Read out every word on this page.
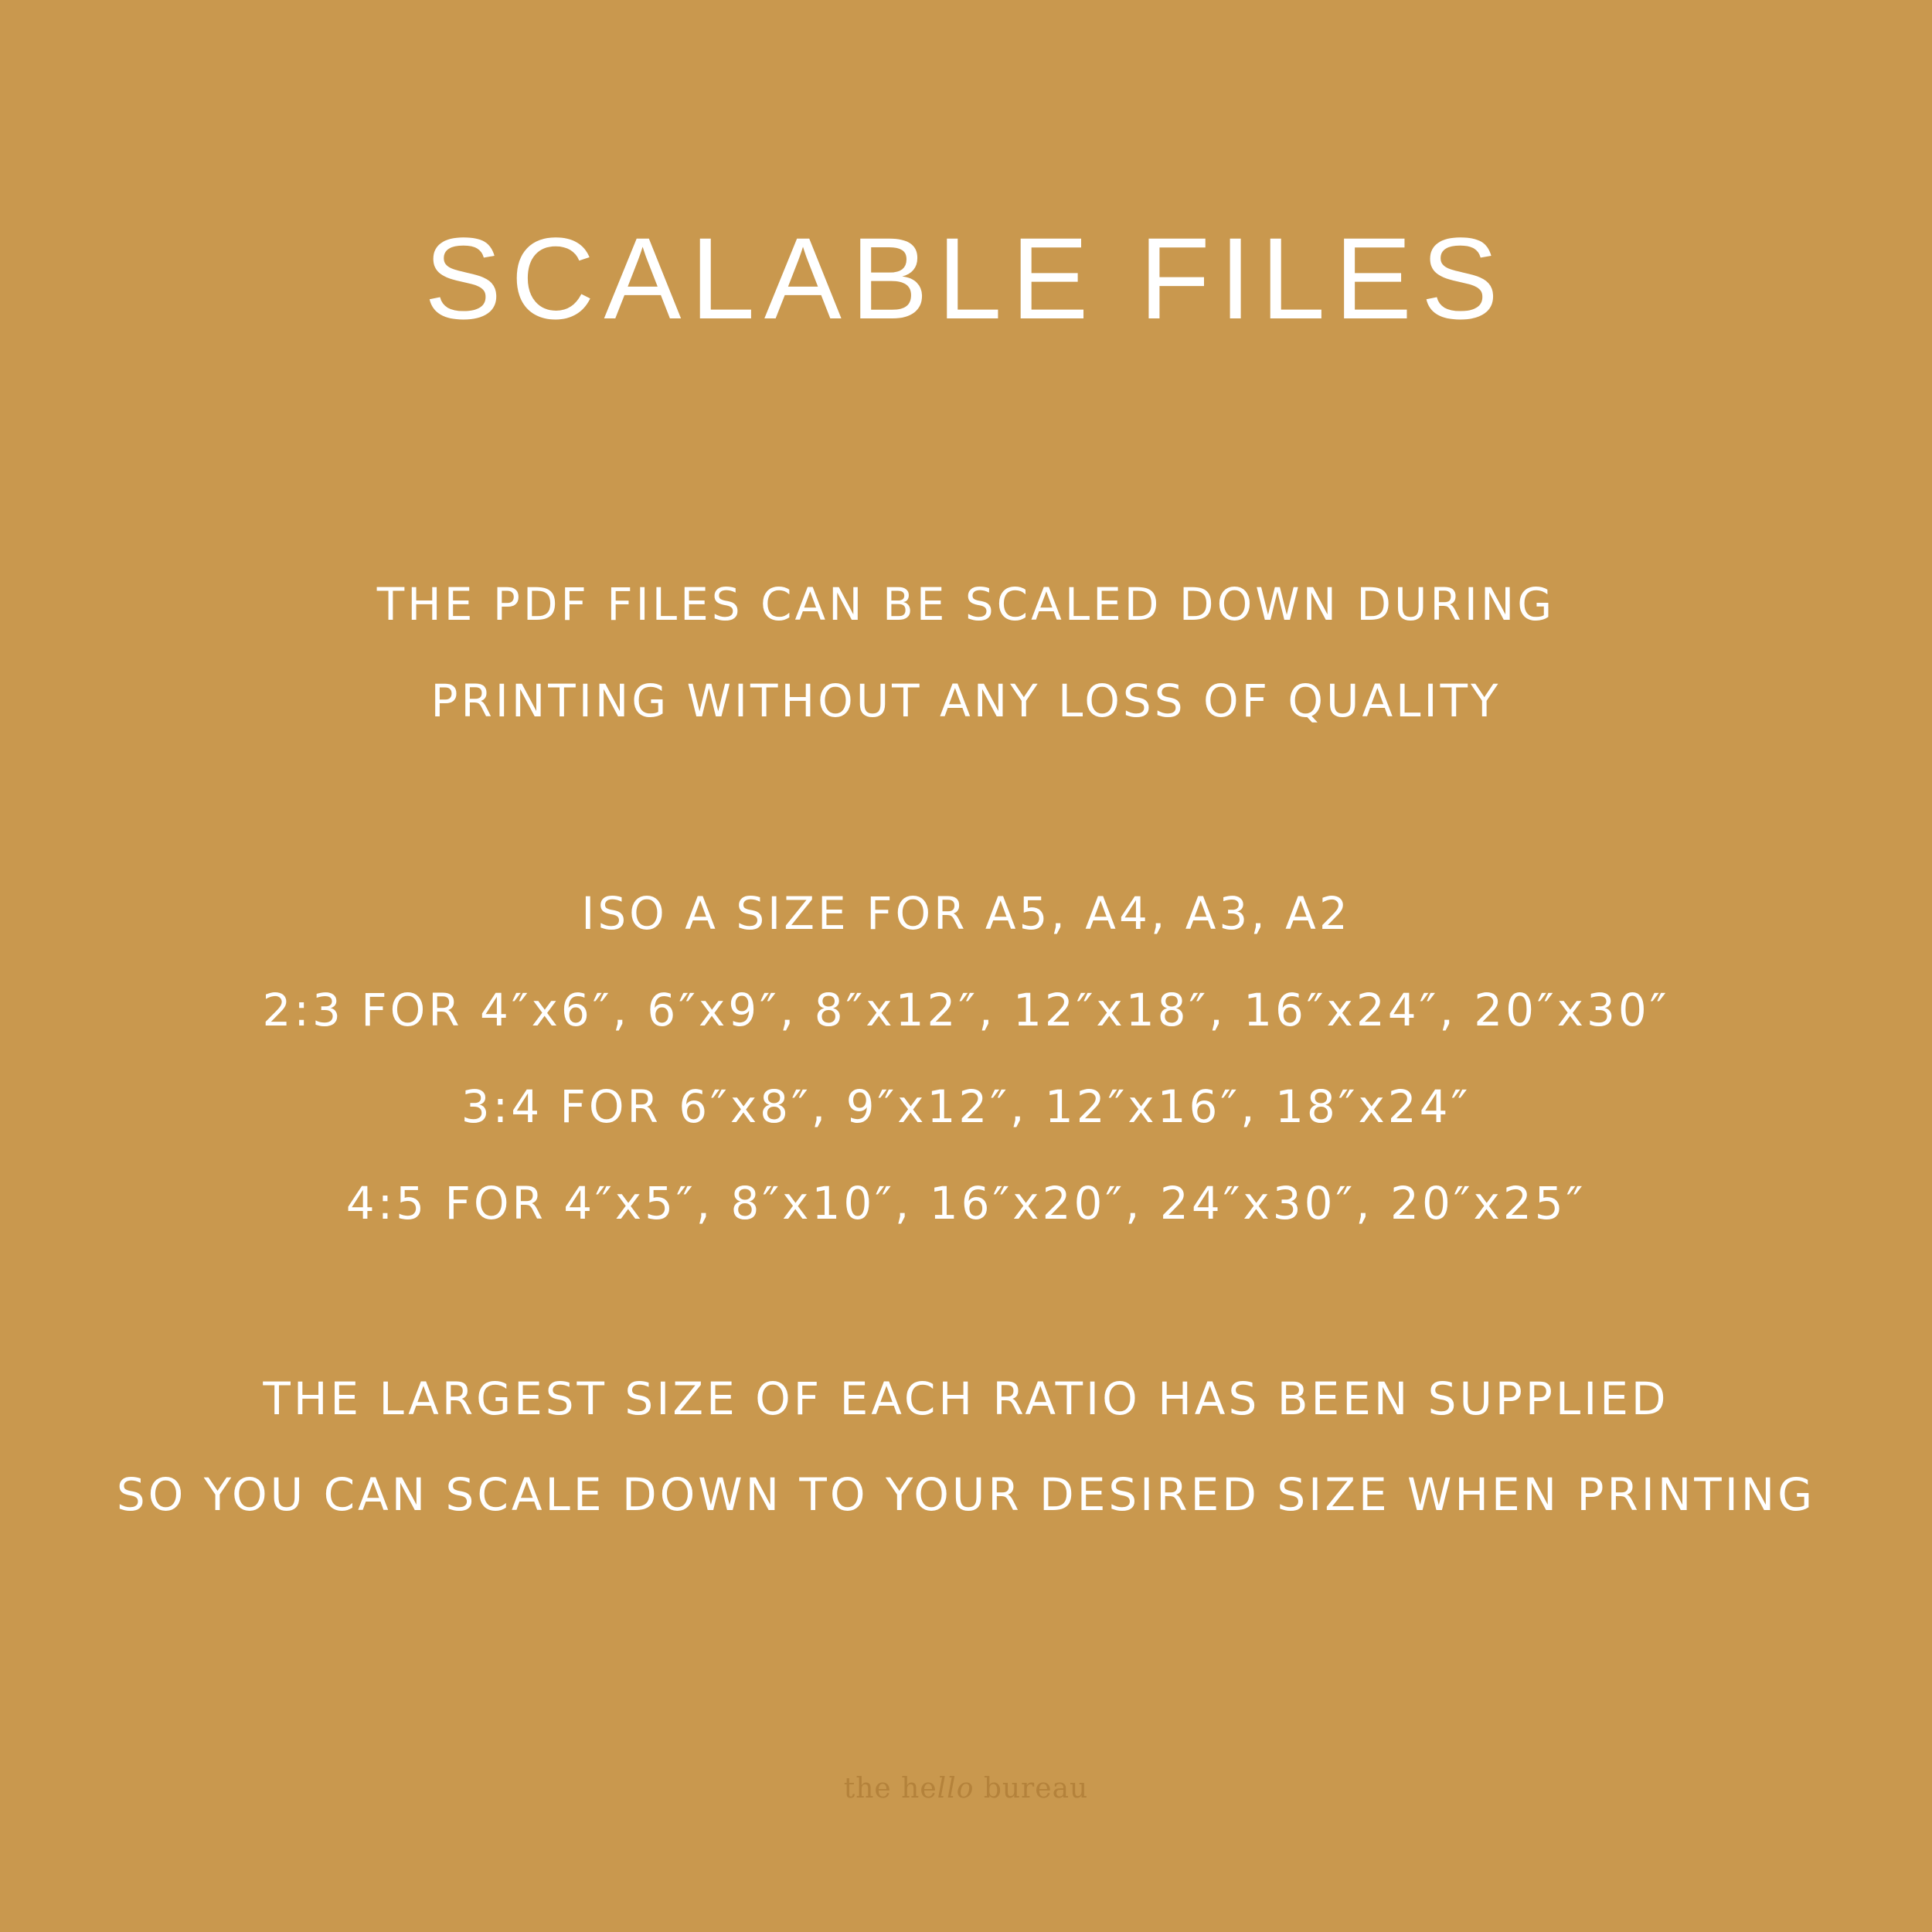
SCALABLE FILES

THE PDF FILES CAN BE SCALED DOWN DURING

PRINTING WITHOUT ANY LOSS OF QUALITY

ISO A SIZE FOR A5, A4, A3, A2

2:3 FOR 4″x6″, 6″x9″, 8″x12″, 12″x18″, 16″x24″, 20″x30″

3:4 FOR 6″x8″, 9″x12″, 12″x16″, 18″x24″

4:5 FOR 4″x5″, 8″x10″, 16″x20″, 24″x30″, 20″x25″

THE LARGEST SIZE OF EACH RATIO HAS BEEN SUPPLIED

SO YOU CAN SCALE DOWN TO YOUR DESIRED SIZE WHEN PRINTING

the hello bureau
